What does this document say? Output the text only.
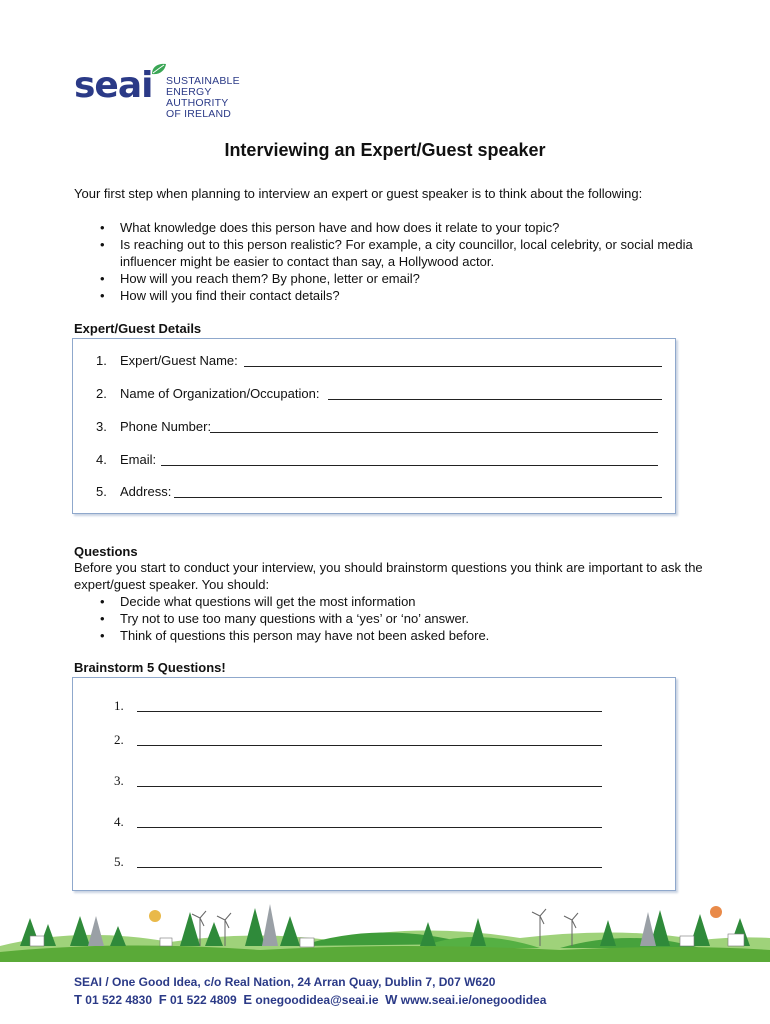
seai SUSTAINABLE
ENERGY AUTHORITY
OF IRELAND
Interviewing an Expert/Guest speaker
Your first step when planning to interview an expert or guest speaker is to think about the following:
• What knowledge does this person have and how does it relate to your topic?
• Is reaching out to this person realistic? For example, a city councillor, local celebrity, or social media influencer might be easier to contact than say, a Hollywood actor.
• How will you reach them? By phone, letter or email?
• How will you find their contact details?
Expert/Guest Details
1. Expert/Guest Name:
2. Name of Organization/Occupation:
3. Phone Number:
4. Email:
5. Address:
Questions
Before you start to conduct your interview, you should brainstorm questions you think are important to ask the expert/guest speaker. You should:
• Decide what questions will get the most information
• Try not to use too many questions with a ‘yes’ or ‘no’ answer.
• Think of questions this person may have not been asked before.
Brainstorm 5 Questions!
1.
2.
3.
4.
5.
SEAI / One Good Idea, c/o Real Nation, 24 Arran Quay, Dublin 7, D07 W620
T 01 522 4830 F 01 522 4809 E onegoodidea@seai.ie W www.seai.ie/onegoodidea
